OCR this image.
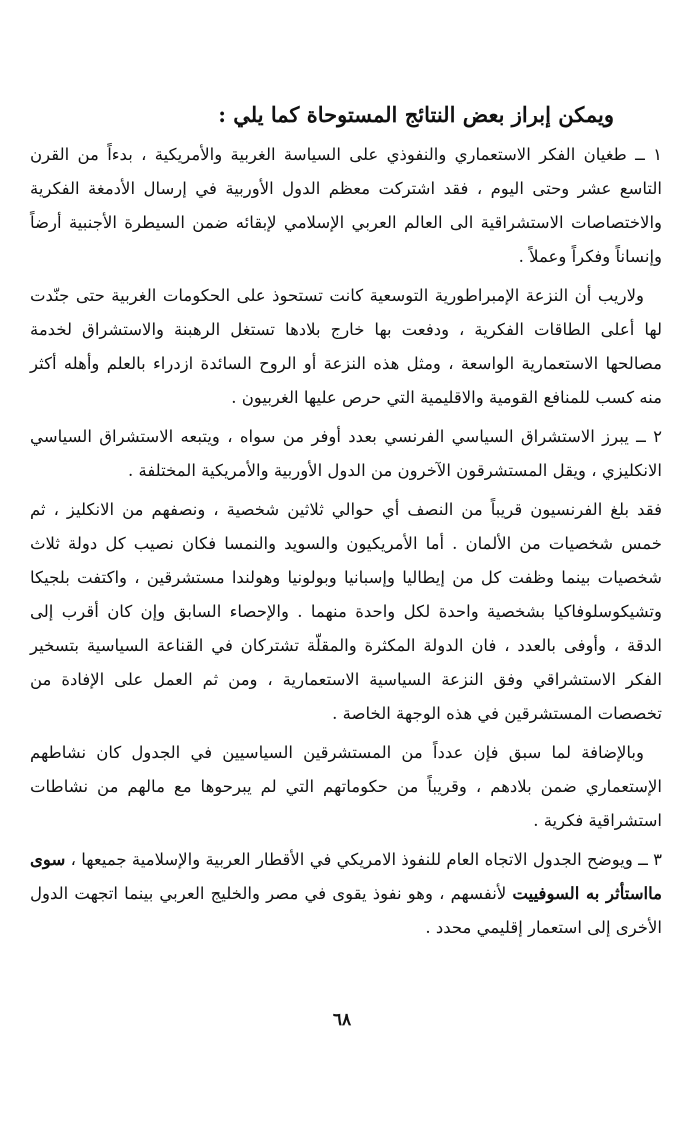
ويمكن إبراز بعض النتائج المستوحاة كما يلي :

١ ــ طغيان الفكر الاستعماري والنفوذي على السياسة الغربية والأمريكية ، بدءاً من القرن التاسع عشر وحتى اليوم ، فقد اشتركت معظم الدول الأوربية في إرسال الأدمغة الفكرية والاختصاصات الاستشراقية الى العالم العربي الإسلامي لإبقائه ضمن السيطرة الأجنبية أرضاً وإنساناً وفكراً وعملاً .

ولاريب أن النزعة الإمبراطورية التوسعية كانت تستحوذ على الحكومات الغربية حتى جنّدت لها أعلى الطاقات الفكرية ، ودفعت بها خارج بلادها تستغل الرهبنة والاستشراق لخدمة مصالحها الاستعمارية الواسعة ، ومثل هذه النزعة أو الروح السائدة ازدراء بالعلم وأهله أكثر منه كسب للمنافع القومية والاقليمية التي حرص عليها الغربيون .

٢ ــ يبرز الاستشراق السياسي الفرنسي بعدد أوفر من سواه ، ويتبعه الاستشراق السياسي الانكليزي ، ويقل المستشرقون الآخرون من الدول الأوربية والأمريكية المختلفة .

فقد بلغ الفرنسيون قريباً من النصف أي حوالي ثلاثين شخصية ، ونصفهم من الانكليز ، ثم خمس شخصيات من الألمان . أما الأمريكيون والسويد والنمسا فكان نصيب كل دولة ثلاث شخصيات بينما وظفت كل من إيطاليا وإسبانيا وبولونيا وهولندا مستشرقين ، واكتفت بلجيكا وتشيكوسلوفاكيا بشخصية واحدة لكل واحدة منهما . والإحصاء السابق وإن كان أقرب إلى الدقة ، وأوفى بالعدد ، فان الدولة المكثرة والمقلّة تشتركان في القناعة السياسية بتسخير الفكر الاستشراقي وفق النزعة السياسية الاستعمارية ، ومن ثم العمل على الإفادة من تخصصات المستشرقين في هذه الوجهة الخاصة .

وبالإضافة لما سبق فإن عدداً من المستشرقين السياسيين في الجدول كان نشاطهم الإستعماري ضمن بلادهم ، وقريباً من حكوماتهم التي لم يبرحوها مع مالهم من نشاطات استشراقية فكرية .

٣ ــ ويوضح الجدول الاتجاه العام للنفوذ الامريكي في الأقطار العربية والإسلامية جميعها ، سوى مااستأثر به السوفييت لأنفسهم ، وهو نفوذ يقوى في مصر والخليج العربي بينما اتجهت الدول الأخرى إلى استعمار إقليمي محدد .

٦٨
